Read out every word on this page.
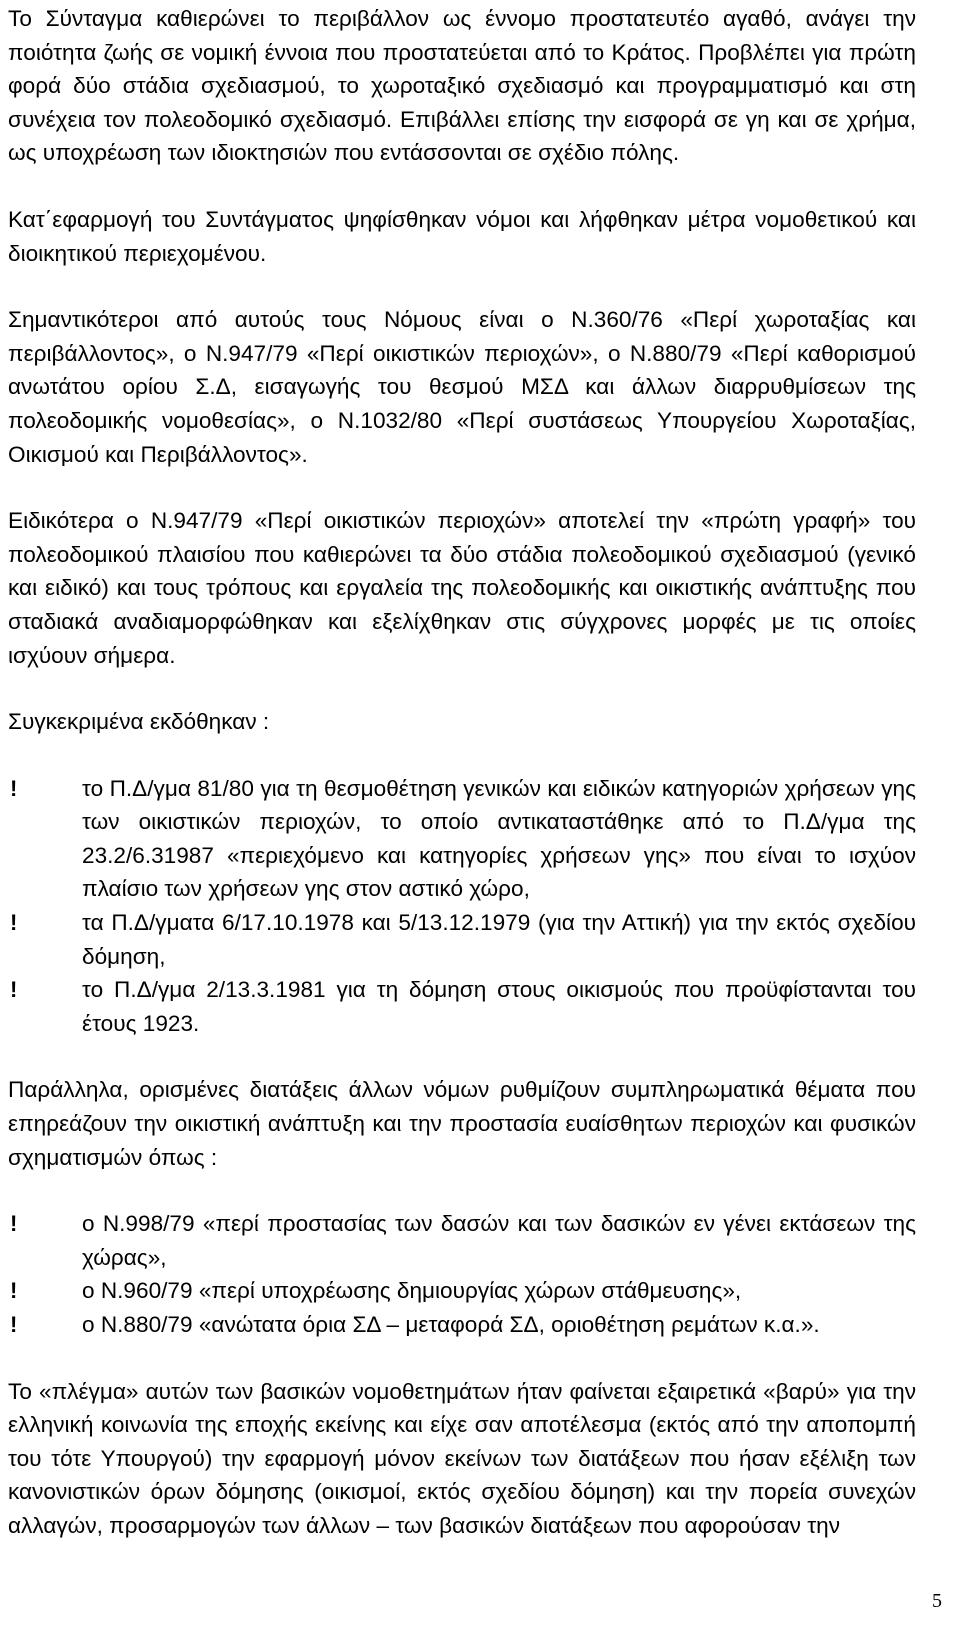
Το Σύνταγμα καθιερώνει το περιβάλλον ως έννομο προστατευτέο αγαθό, ανάγει την ποιότητα ζωής σε νομική έννοια που προστατεύεται από το Κράτος. Προβλέπει για πρώτη φορά δύο στάδια σχεδιασμού, το χωροταξικό σχεδιασμό και προγραμματισμό και στη συνέχεια τον πολεοδομικό σχεδιασμό. Επιβάλλει επίσης την εισφορά σε γη και σε χρήμα, ως υποχρέωση των ιδιοκτησιών που εντάσσονται σε σχέδιο πόλης.

Κατ΄εφαρμογή του Συντάγματος ψηφίσθηκαν νόμοι και λήφθηκαν μέτρα νομοθετικού και διοικητικού περιεχομένου.

Σημαντικότεροι από αυτούς τους Νόμους είναι ο Ν.360/76 «Περί χωροταξίας και περιβάλλοντος», ο Ν.947/79 «Περί οικιστικών περιοχών», ο Ν.880/79 «Περί καθορισμού ανωτάτου ορίου Σ.Δ, εισαγωγής του θεσμού ΜΣΔ και άλλων διαρρυθμίσεων της πολεοδομικής νομοθεσίας», ο Ν.1032/80 «Περί συστάσεως Υπουργείου Χωροταξίας, Οικισμού και Περιβάλλοντος».

Ειδικότερα ο Ν.947/79 «Περί οικιστικών περιοχών» αποτελεί την «πρώτη γραφή» του πολεοδομικού πλαισίου που καθιερώνει τα δύο στάδια πολεοδομικού σχεδιασμού (γενικό και ειδικό) και τους τρόπους και εργαλεία της πολεοδομικής και οικιστικής ανάπτυξης που σταδιακά αναδιαμορφώθηκαν και εξελίχθηκαν στις σύγχρονες μορφές με τις οποίες ισχύουν σήμερα.

Συγκεκριμένα εκδόθηκαν :

!	το Π.Δ/γμα 81/80 για τη θεσμοθέτηση γενικών και ειδικών κατηγοριών χρήσεων γης των οικιστικών περιοχών, το οποίο αντικαταστάθηκε από το Π.Δ/γμα της 23.2/6.31987 «περιεχόμενο και κατηγορίες χρήσεων γης» που είναι το ισχύον πλαίσιο των χρήσεων γης στον αστικό χώρο,
!	τα Π.Δ/γματα 6/17.10.1978 και 5/13.12.1979 (για την Αττική) για την εκτός σχεδίου δόμηση,
!	το Π.Δ/γμα 2/13.3.1981 για τη δόμηση στους οικισμούς που προϋφίστανται του έτους 1923.

Παράλληλα, ορισμένες διατάξεις άλλων νόμων ρυθμίζουν συμπληρωματικά θέματα που επηρεάζουν την οικιστική ανάπτυξη και την προστασία ευαίσθητων περιοχών και φυσικών σχηματισμών όπως :

!	ο Ν.998/79 «περί προστασίας των δασών και των δασικών εν γένει εκτάσεων της χώρας»,
!	ο Ν.960/79 «περί υποχρέωσης δημιουργίας χώρων στάθμευσης»,
!	ο Ν.880/79 «ανώτατα όρια ΣΔ – μεταφορά ΣΔ, οριοθέτηση ρεμάτων κ.α.».

Το «πλέγμα» αυτών των βασικών νομοθετημάτων ήταν φαίνεται εξαιρετικά «βαρύ» για την ελληνική κοινωνία της εποχής εκείνης και είχε σαν αποτέλεσμα (εκτός από την αποπομπή του τότε Υπουργού) την εφαρμογή μόνον εκείνων των διατάξεων που ήσαν εξέλιξη των κανονιστικών όρων δόμησης (οικισμοί, εκτός σχεδίου δόμηση) και την πορεία συνεχών αλλαγών, προσαρμογών των άλλων – των βασικών διατάξεων που αφορούσαν την

5
